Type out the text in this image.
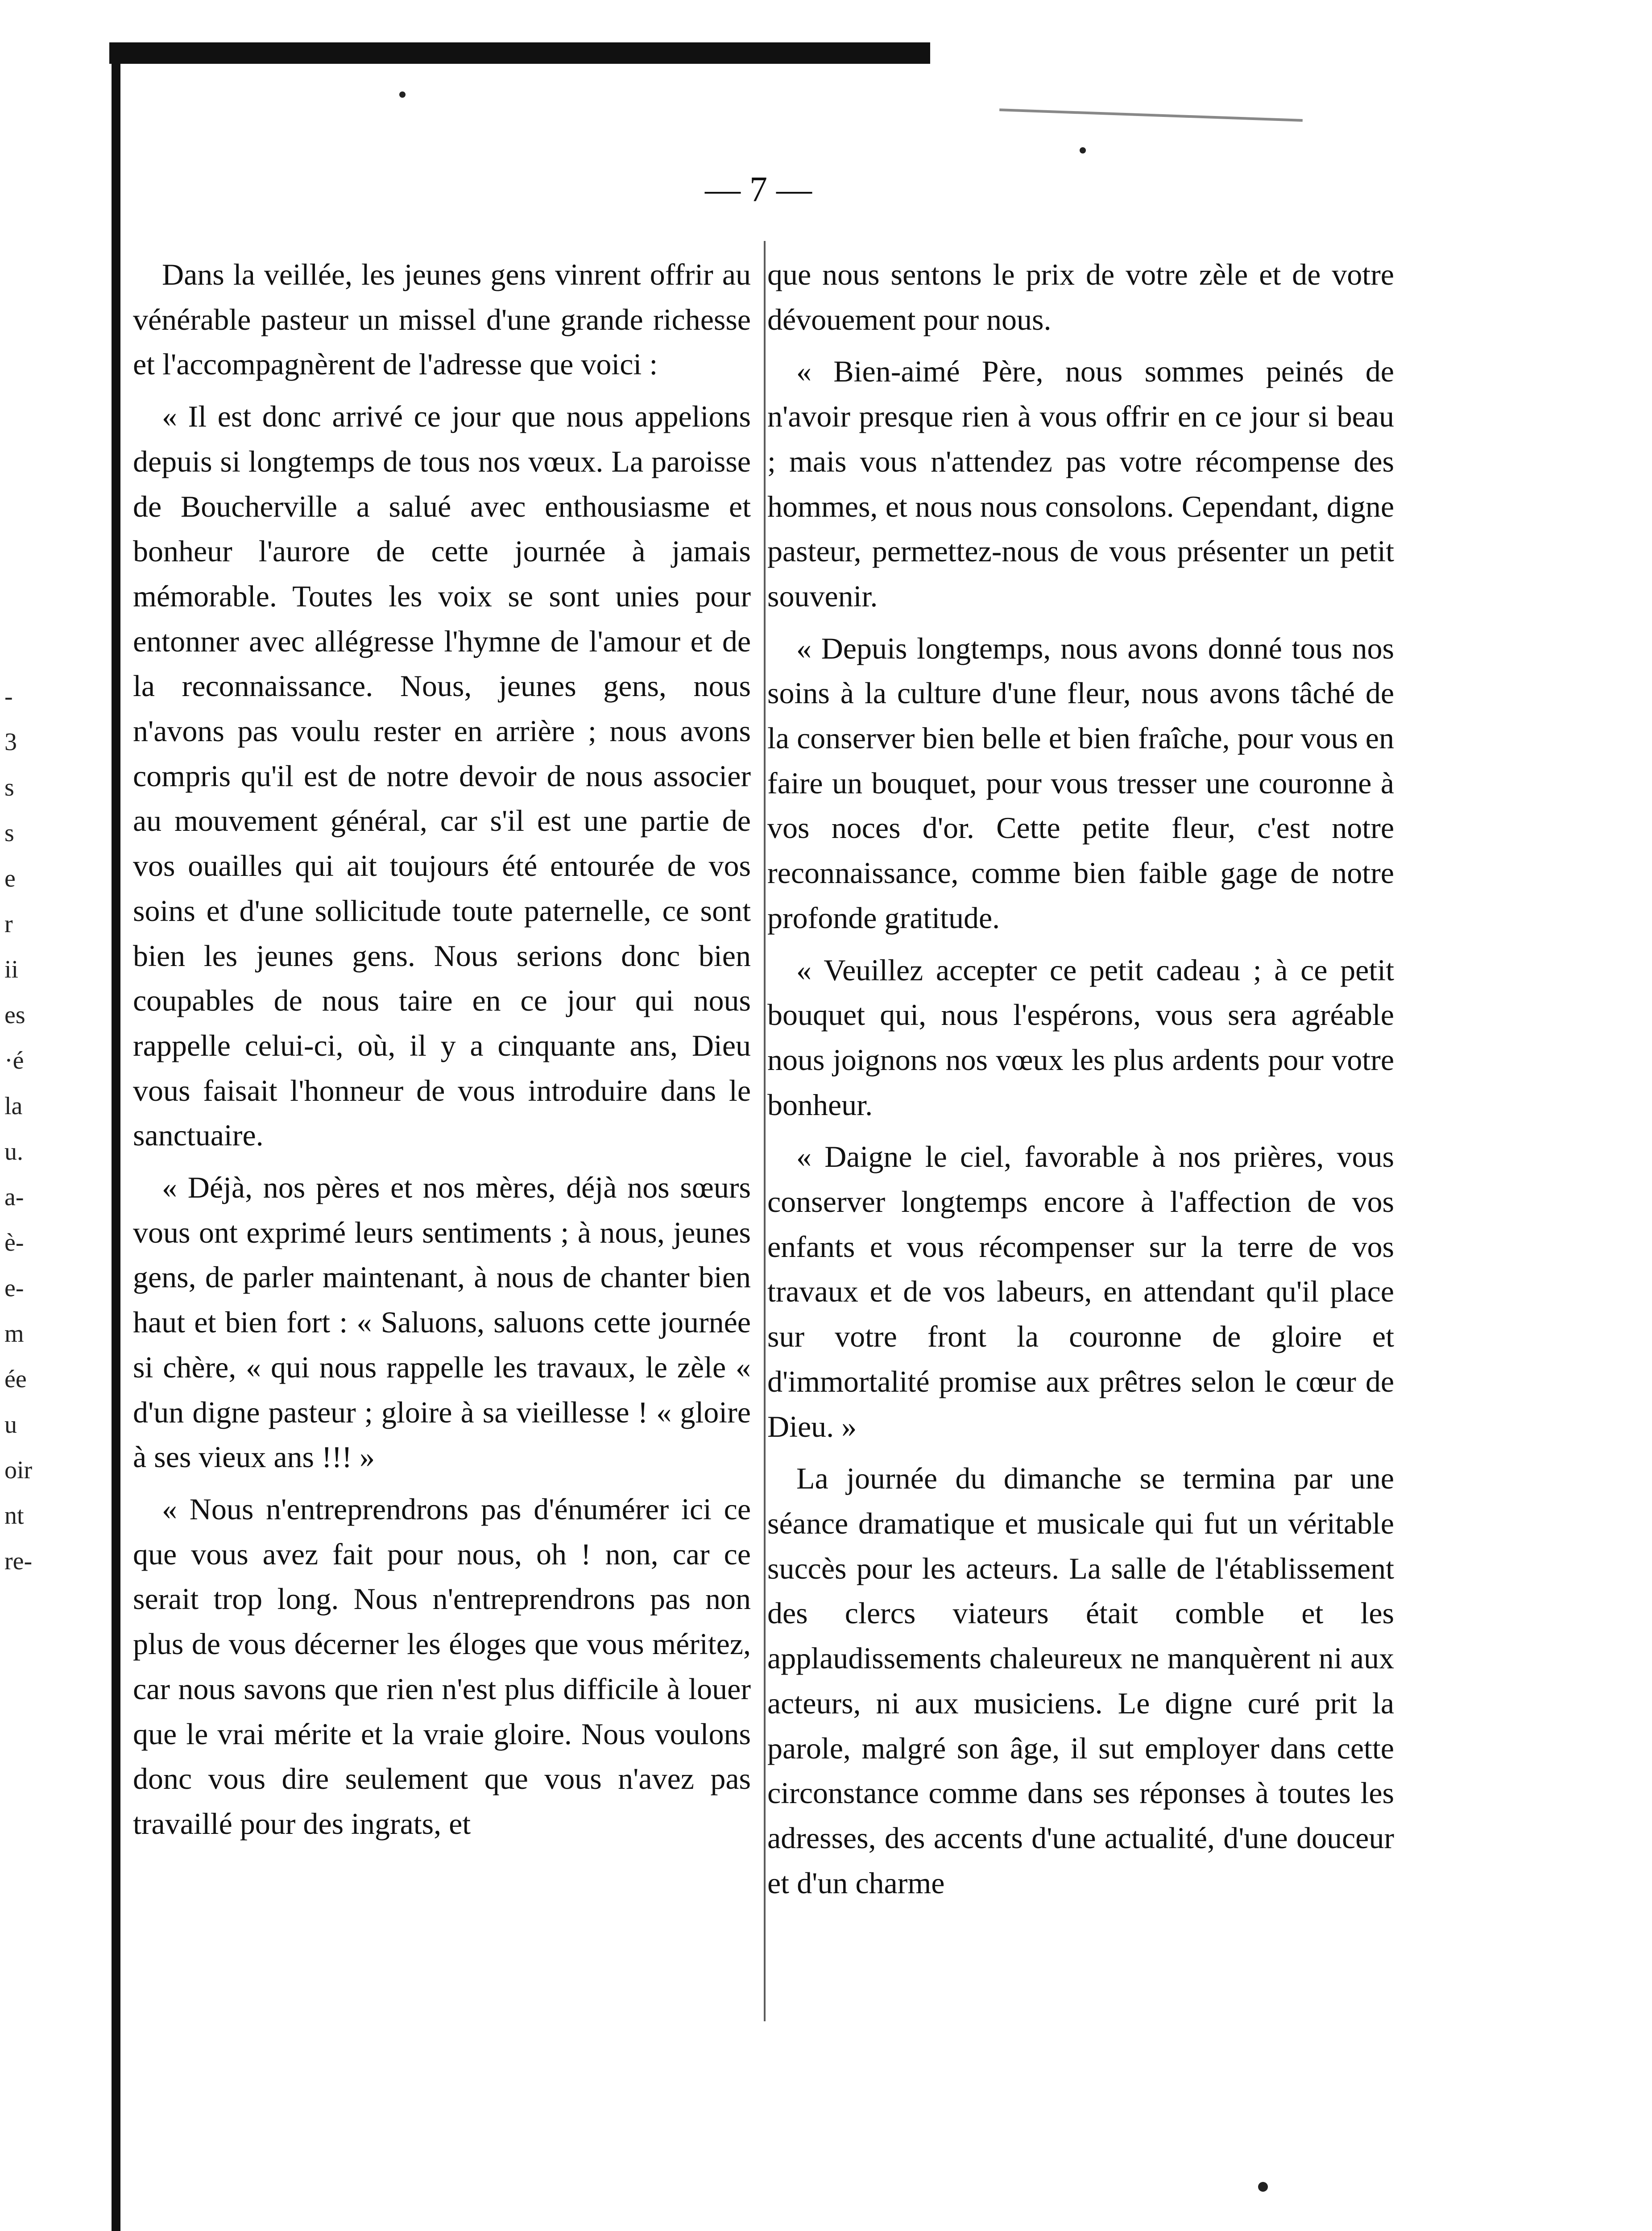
— 7 —
-
3
s
s
e
r
ii
es
·é
la
u.
a-
è-
e-
m
ée
u
oir
nt
re-

Dans la veillée, les jeunes gens vinrent offrir au vénérable pasteur un missel d'une grande richesse et l'accompagnèrent de l'adresse que voici :

« Il est donc arrivé ce jour que nous appelions depuis si longtemps de tous nos vœux. La paroisse de Boucherville a salué avec enthousiasme et bonheur l'aurore de cette journée à jamais mémorable. Toutes les voix se sont unies pour entonner avec allégresse l'hymne de l'amour et de la reconnaissance. Nous, jeunes gens, nous n'avons pas voulu rester en arrière ; nous avons compris qu'il est de notre devoir de nous associer au mouvement général, car s'il est une partie de vos ouailles qui ait toujours été entourée de vos soins et d'une sollicitude toute paternelle, ce sont bien les jeunes gens. Nous serions donc bien coupables de nous taire en ce jour qui nous rappelle celui-ci, où, il y a cinquante ans, Dieu vous faisait l'honneur de vous introduire dans le sanctuaire.

« Déjà, nos pères et nos mères, déjà nos sœurs vous ont exprimé leurs sentiments ; à nous, jeunes gens, de parler maintenant, à nous de chanter bien haut et bien fort : « Saluons, saluons cette journée si chère, « qui nous rappelle les travaux, le zèle « d'un digne pasteur ; gloire à sa vieillesse ! « gloire à ses vieux ans !!! »

« Nous n'entreprendrons pas d'énumérer ici ce que vous avez fait pour nous, oh ! non, car ce serait trop long. Nous n'entreprendrons pas non plus de vous décerner les éloges que vous méritez, car nous savons que rien n'est plus difficile à louer que le vrai mérite et la vraie gloire. Nous voulons donc vous dire seulement que vous n'avez pas travaillé pour des ingrats, et

que nous sentons le prix de votre zèle et de votre dévouement pour nous.

« Bien-aimé Père, nous sommes peinés de n'avoir presque rien à vous offrir en ce jour si beau ; mais vous n'attendez pas votre récompense des hommes, et nous nous consolons. Cependant, digne pasteur, permettez-nous de vous présenter un petit souvenir.

« Depuis longtemps, nous avons donné tous nos soins à la culture d'une fleur, nous avons tâché de la conserver bien belle et bien fraîche, pour vous en faire un bouquet, pour vous tresser une couronne à vos noces d'or. Cette petite fleur, c'est notre reconnaissance, comme bien faible gage de notre profonde gratitude.

« Veuillez accepter ce petit cadeau ; à ce petit bouquet qui, nous l'espérons, vous sera agréable nous joignons nos vœux les plus ardents pour votre bonheur.

« Daigne le ciel, favorable à nos prières, vous conserver longtemps encore à l'affection de vos enfants et vous récompenser sur la terre de vos travaux et de vos labeurs, en attendant qu'il place sur votre front la couronne de gloire et d'immortalité promise aux prêtres selon le cœur de Dieu. »

La journée du dimanche se termina par une séance dramatique et musicale qui fut un véritable succès pour les acteurs. La salle de l'établissement des clercs viateurs était comble et les applaudissements chaleureux ne manquèrent ni aux acteurs, ni aux musiciens. Le digne curé prit la parole, malgré son âge, il sut employer dans cette circonstance comme dans ses réponses à toutes les adresses, des accents d'une actualité, d'une douceur et d'un charme
